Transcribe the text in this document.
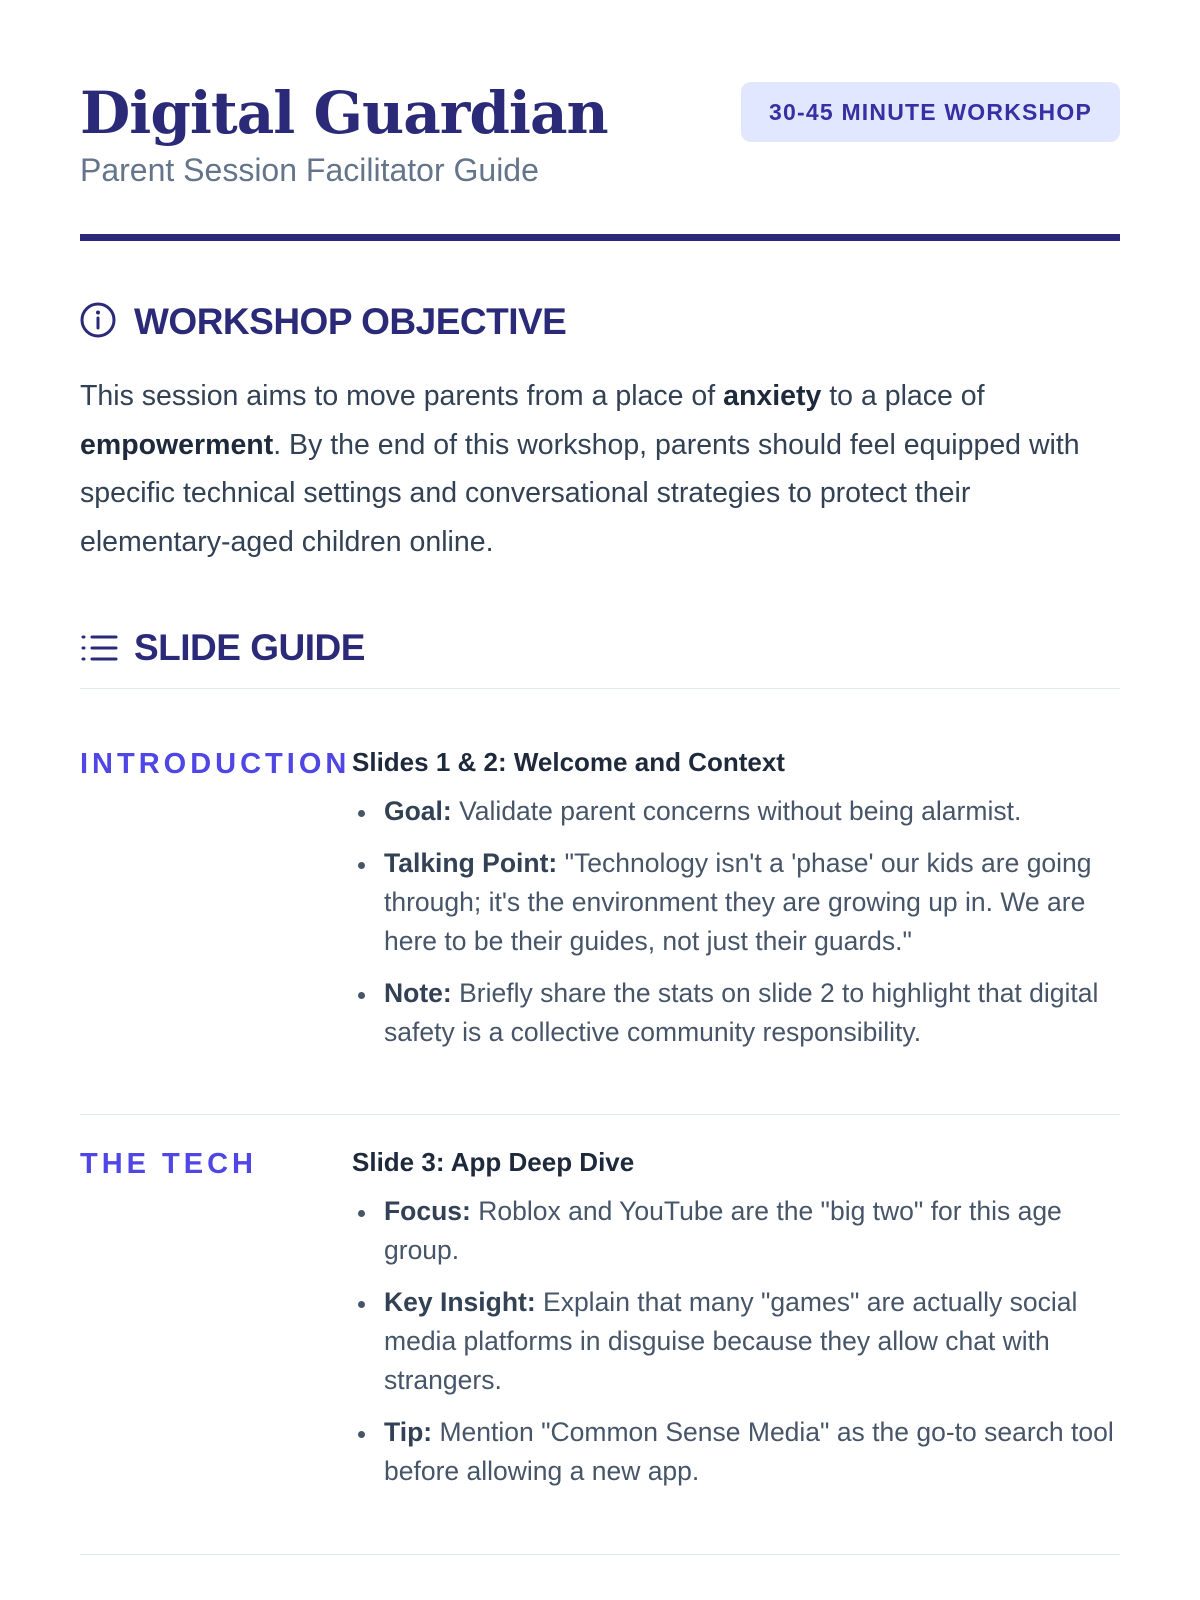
Digital Guardian
Parent Session Facilitator Guide
30-45 MINUTE WORKSHOP
WORKSHOP OBJECTIVE

This session aims to move parents from a place of anxiety to a place of empowerment. By the end of this workshop, parents should feel equipped with specific technical settings and conversational strategies to protect their elementary-aged children online.

SLIDE GUIDE
INTRODUCTION Slides 1 & 2: Welcome and Context
Goal: Validate parent concerns without being alarmist.
Talking Point: "Technology isn't a 'phase' our kids are going through; it's the environment they are growing up in. We are here to be their guides, not just their guards."
Note: Briefly share the stats on slide 2 to highlight that digital safety is a collective community responsibility.
THE TECH	Slide 3: App Deep Dive
Focus: Roblox and YouTube are the "big two" for this age group.
Key Insight: Explain that many "games" are actually social media platforms in disguise because they allow chat with strangers.
Tip: Mention "Common Sense Media" as the go-to search tool before allowing a new app.
